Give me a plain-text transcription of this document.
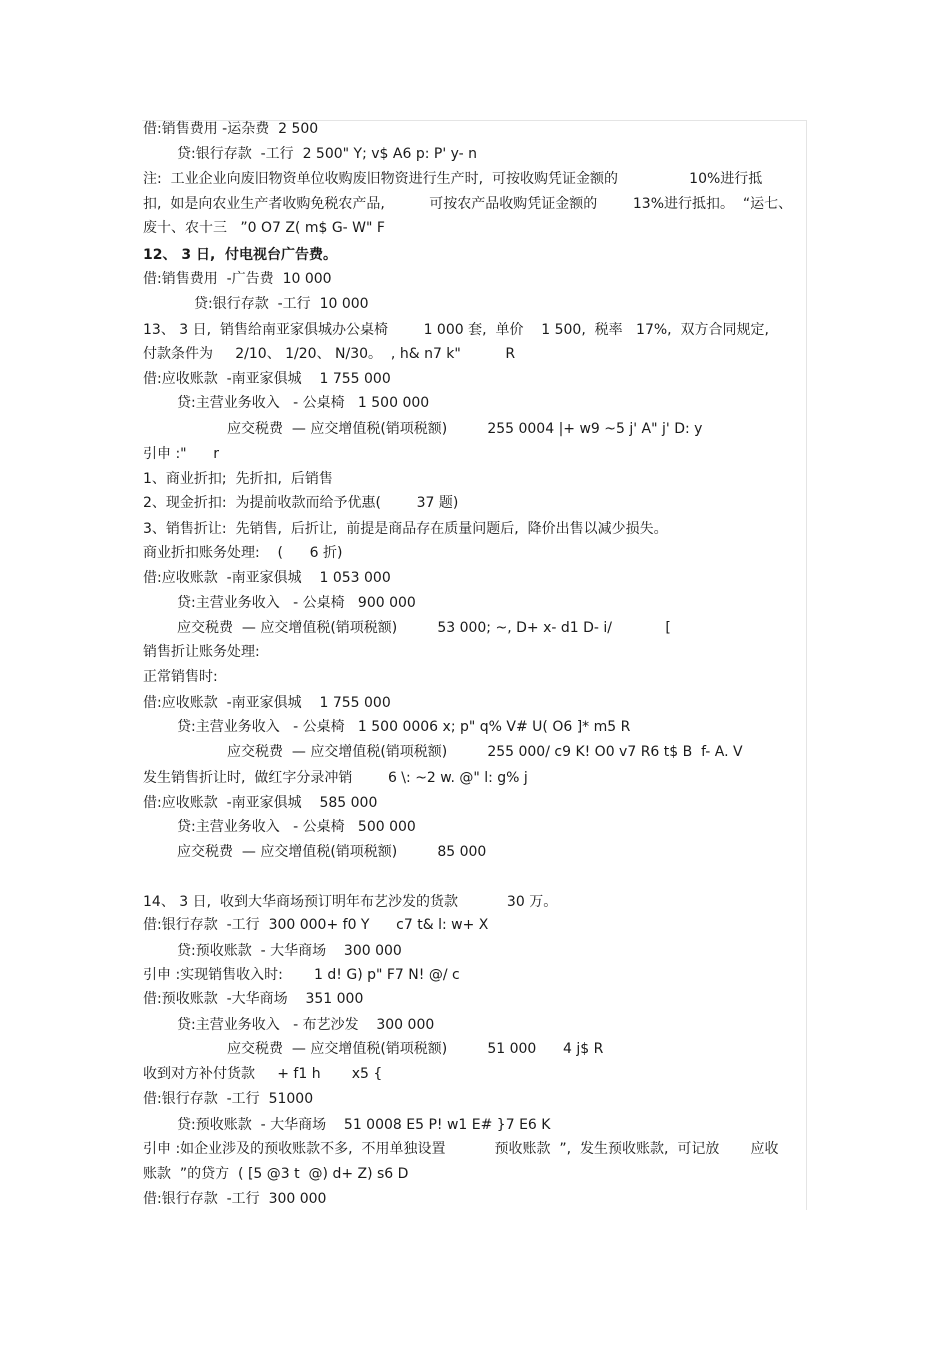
借:销售费用 -运杂费  2 500
贷:银行存款  -工行  2 500" Y; v$ A6 p: P' y- n
注:  工业企业向废旧物资单位收购废旧物资进行生产时,  可按收购凭证金额的                10%进行抵
扣,  如是向农业生产者收购免税农产品,          可按农产品收购凭证金额的        13%进行抵扣。  “运七、
废十、农十三   ”0 O7 Z( m$ G- W" F
12、 3 日,  付电视台广告费。
借:销售费用  -广告费  10 000
贷:银行存款  -工行  10 000
13、 3 日,  销售给南亚家俱城办公桌椅        1 000 套,  单价    1 500,  税率   17%,  双方合同规定,
付款条件为     2/10、 1/20、 N/30。  , h& n7 k"          R
借:应收账款  -南亚家俱城    1 755 000
贷:主营业务收入   - 公桌椅   1 500 000
应交税费  — 应交增值税(销项税额)         255 0004 |+ w9 ~5 j' A" j' D: y
引申 :"      r
1、商业折扣;  先折扣,  后销售
2、现金折扣:  为提前收款而给予优惠(        37 题)
3、销售折让:  先销售,  后折让,  前提是商品存在质量问题后,  降价出售以减少损失。
商业折扣账务处理:    (      6 折)
借:应收账款  -南亚家俱城    1 053 000
贷:主营业务收入   - 公桌椅   900 000
应交税费  — 应交增值税(销项税额)         53 000; ~, D+ x- d1 D- i/            [
销售折让账务处理:
正常销售时:
借:应收账款  -南亚家俱城    1 755 000
贷:主营业务收入   - 公桌椅   1 500 0006 x; p" q% V# U( O6 ]* m5 R
应交税费  — 应交增值税(销项税额)         255 000/ c9 K! O0 v7 R6 t$ B  f- A. V
发生销售折让时,  做红字分录冲销        6 \: ~2 w. @" l: g% j
借:应收账款  -南亚家俱城    585 000
贷:主营业务收入   - 公桌椅   500 000
应交税费  — 应交增值税(销项税额)         85 000
14、 3 日,  收到大华商场预订明年布艺沙发的货款           30 万。
借:银行存款  -工行  300 000+ f0 Y      c7 t& l: w+ X
贷:预收账款  - 大华商场    300 000
引申 :实现销售收入时:       1 d! G) p" F7 N! @/ c
借:预收账款  -大华商场    351 000
贷:主营业务收入   - 布艺沙发    300 000
应交税费  — 应交增值税(销项税额)         51 000      4 j$ R
收到对方补付货款     + f1 h       x5 {
借:银行存款  -工行  51000
贷:预收账款  - 大华商场    51 0008 E5 P! w1 E# }7 E6 K
引申 :如企业涉及的预收账款不多,  不用单独设置           预收账款  ”,  发生预收账款,  可记放       应收
账款  ”的贷方  ( [5 @3 t  @) d+ Z) s6 D
借:银行存款  -工行  300 000
